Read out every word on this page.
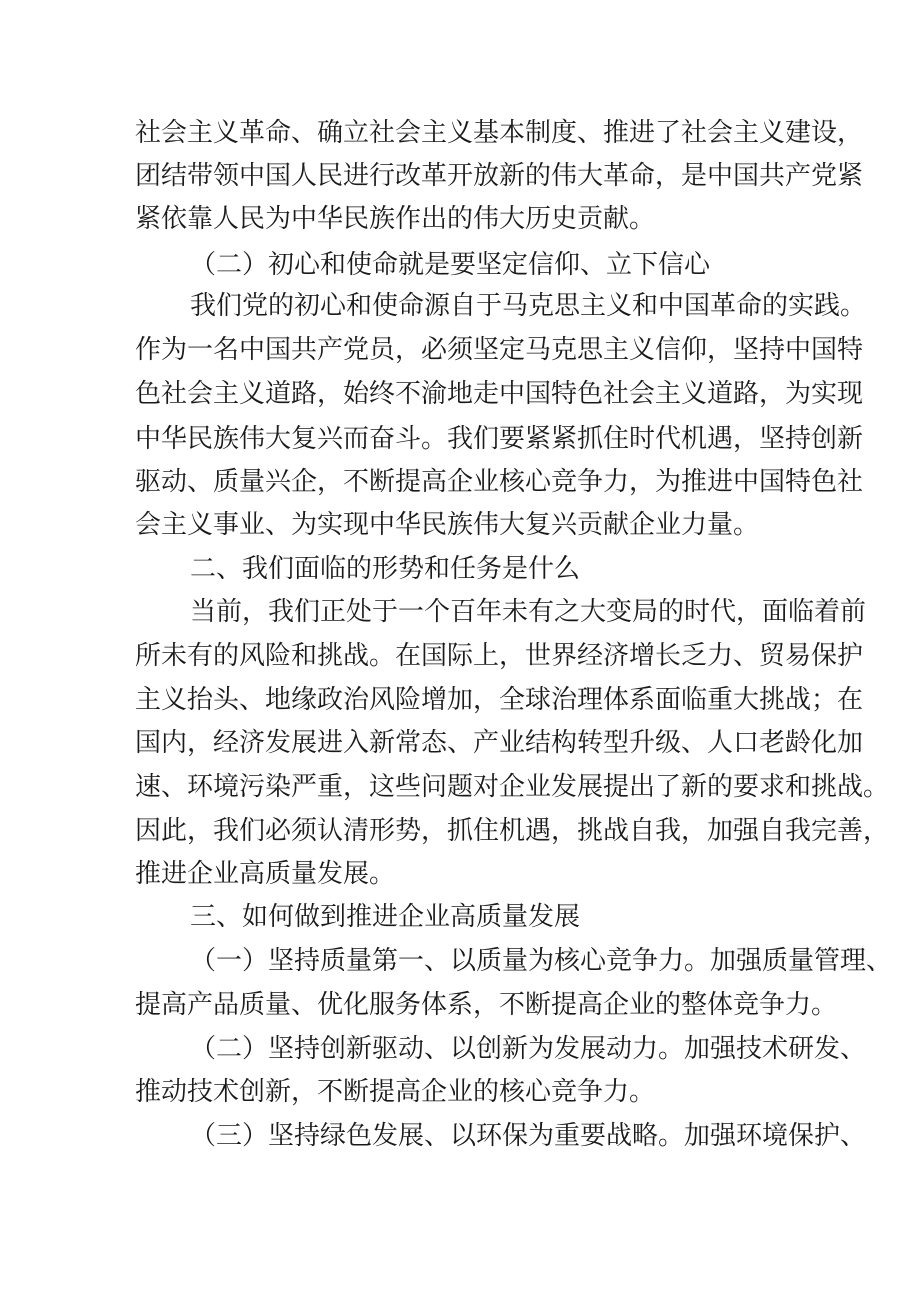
社会主义革命、确立社会主义基本制度、推进了社会主义建设，
团结带领中国人民进行改革开放新的伟大革命，是中国共产党紧
紧依靠人民为中华民族作出的伟大历史贡献。
（二）初心和使命就是要坚定信仰、立下信心
我们党的初心和使命源自于马克思主义和中国革命的实践。
作为一名中国共产党员，必须坚定马克思主义信仰，坚持中国特
色社会主义道路，始终不渝地走中国特色社会主义道路，为实现
中华民族伟大复兴而奋斗。我们要紧紧抓住时代机遇，坚持创新
驱动、质量兴企，不断提高企业核心竞争力，为推进中国特色社
会主义事业、为实现中华民族伟大复兴贡献企业力量。
二、我们面临的形势和任务是什么
当前，我们正处于一个百年未有之大变局的时代，面临着前
所未有的风险和挑战。在国际上，世界经济增长乏力、贸易保护
主义抬头、地缘政治风险增加，全球治理体系面临重大挑战；在
国内，经济发展进入新常态、产业结构转型升级、人口老龄化加
速、环境污染严重，这些问题对企业发展提出了新的要求和挑战。
因此，我们必须认清形势，抓住机遇，挑战自我，加强自我完善，
推进企业高质量发展。
三、如何做到推进企业高质量发展
（一）坚持质量第一、以质量为核心竞争力。加强质量管理、
提高产品质量、优化服务体系，不断提高企业的整体竞争力。
（二）坚持创新驱动、以创新为发展动力。加强技术研发、
推动技术创新，不断提高企业的核心竞争力。
（三）坚持绿色发展、以环保为重要战略。加强环境保护、
